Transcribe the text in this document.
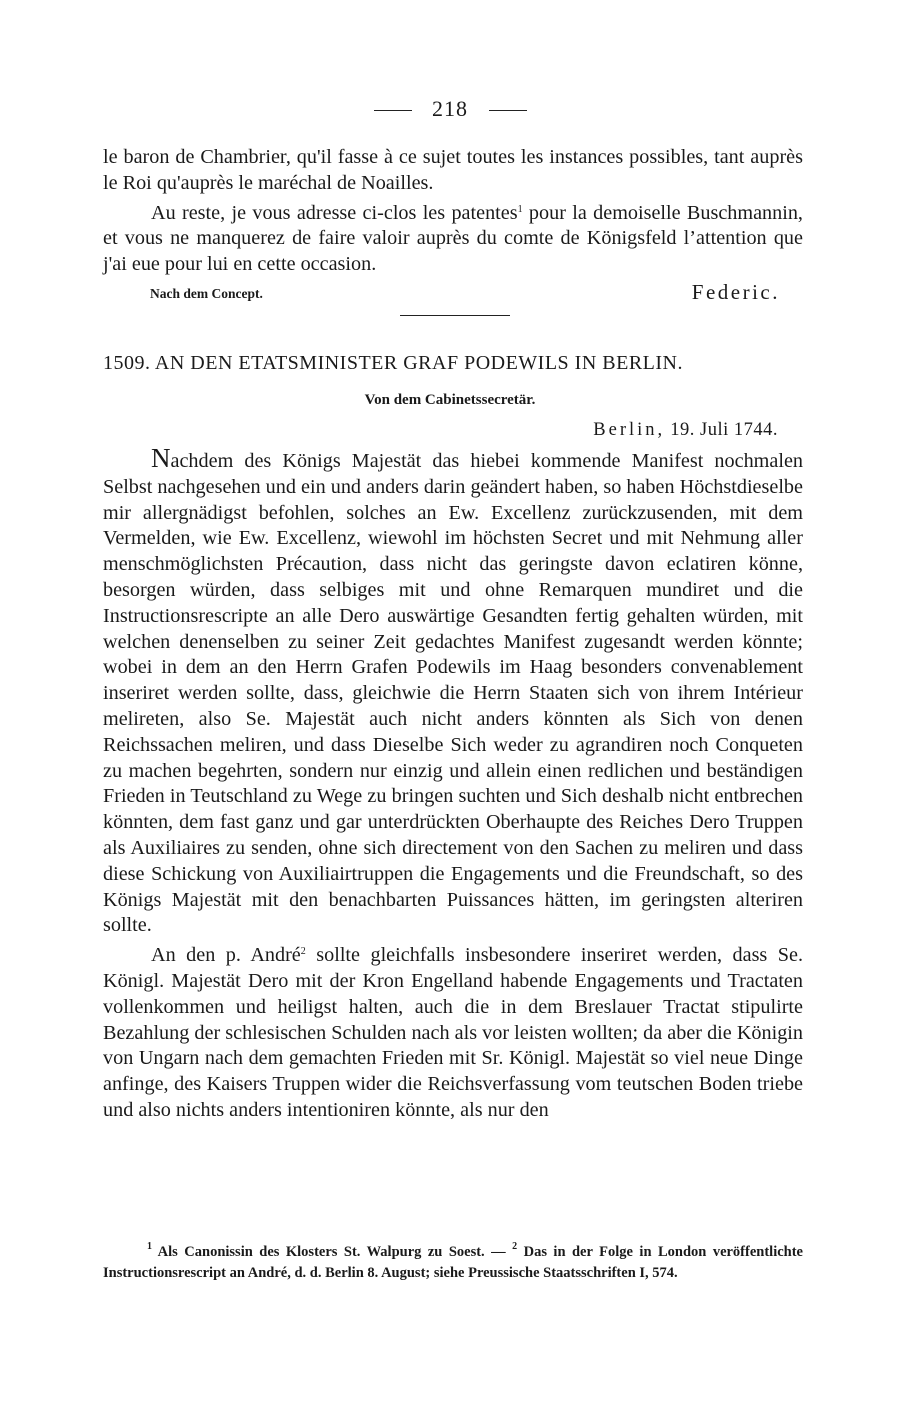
218

le baron de Chambrier, qu'il fasse à ce sujet toutes les instances possibles, tant auprès le Roi qu'auprès le maréchal de Noailles.

Au reste, je vous adresse ci-clos les patentes$^1$ pour la demoiselle Buschmannin, et vous ne manquerez de faire valoir auprès du comte de Königsfeld l’attention que j'ai eue pour lui en cette occasion.

Nach dem Concept.	Federic.
1509. AN DEN ETATSMINISTER GRAF PODEWILS IN BERLIN.
Von dem Cabinetssecretär.
Berlin, 19. Juli 1744.

Nachdem des Königs Majestät das hiebei kommende Manifest nochmalen Selbst nachgesehen und ein und anders darin geändert haben, so haben Höchstdieselbe mir allergnädigst befohlen, solches an Ew. Excellenz zurückzusenden, mit dem Vermelden, wie Ew. Excellenz, wiewohl im höchsten Secret und mit Nehmung aller menschmöglichsten Précaution, dass nicht das geringste davon eclatiren könne, besorgen würden, dass selbiges mit und ohne Remarquen mundiret und die Instructionsrescripte an alle Dero auswärtige Gesandten fertig gehalten würden, mit welchen denenselben zu seiner Zeit gedachtes Manifest zugesandt werden könnte; wobei in dem an den Herrn Grafen Podewils im Haag besonders convenablement inseriret werden sollte, dass, gleichwie die Herrn Staaten sich von ihrem Intérieur melireten, also Se. Majestät auch nicht anders könnten als Sich von denen Reichssachen meliren, und dass Dieselbe Sich weder zu agrandiren noch Conqueten zu machen begehrten, sondern nur einzig und allein einen redlichen und beständigen Frieden in Teutschland zu Wege zu bringen suchten und Sich deshalb nicht entbrechen könnten, dem fast ganz und gar unterdrückten Oberhaupte des Reiches Dero Truppen als Auxiliaires zu senden, ohne sich directement von den Sachen zu meliren und dass diese Schickung von Auxiliairtruppen die Engagements und die Freundschaft, so des Königs Majestät mit den benachbarten Puissances hätten, im geringsten alteriren sollte.

An den p. André$^2$ sollte gleichfalls insbesondere inseriret werden, dass Se. Königl. Majestät Dero mit der Kron Engelland habende Engagements und Tractaten vollenkommen und heiligst halten, auch die in dem Breslauer Tractat stipulirte Bezahlung der schlesischen Schulden nach als vor leisten wollten; da aber die Königin von Ungarn nach dem gemachten Frieden mit Sr. Königl. Majestät so viel neue Dinge anfinge, des Kaisers Truppen wider die Reichsverfassung vom teutschen Boden triebe und also nichts anders intentioniren könnte, als nur den

$^1$ Als Canonissin des Klosters St. Walpurg zu Soest. — $^2$ Das in der Folge in London veröffentlichte Instructionsrescript an André, d. d. Berlin 8. August; siehe Preussische Staatsschriften I, 574.
